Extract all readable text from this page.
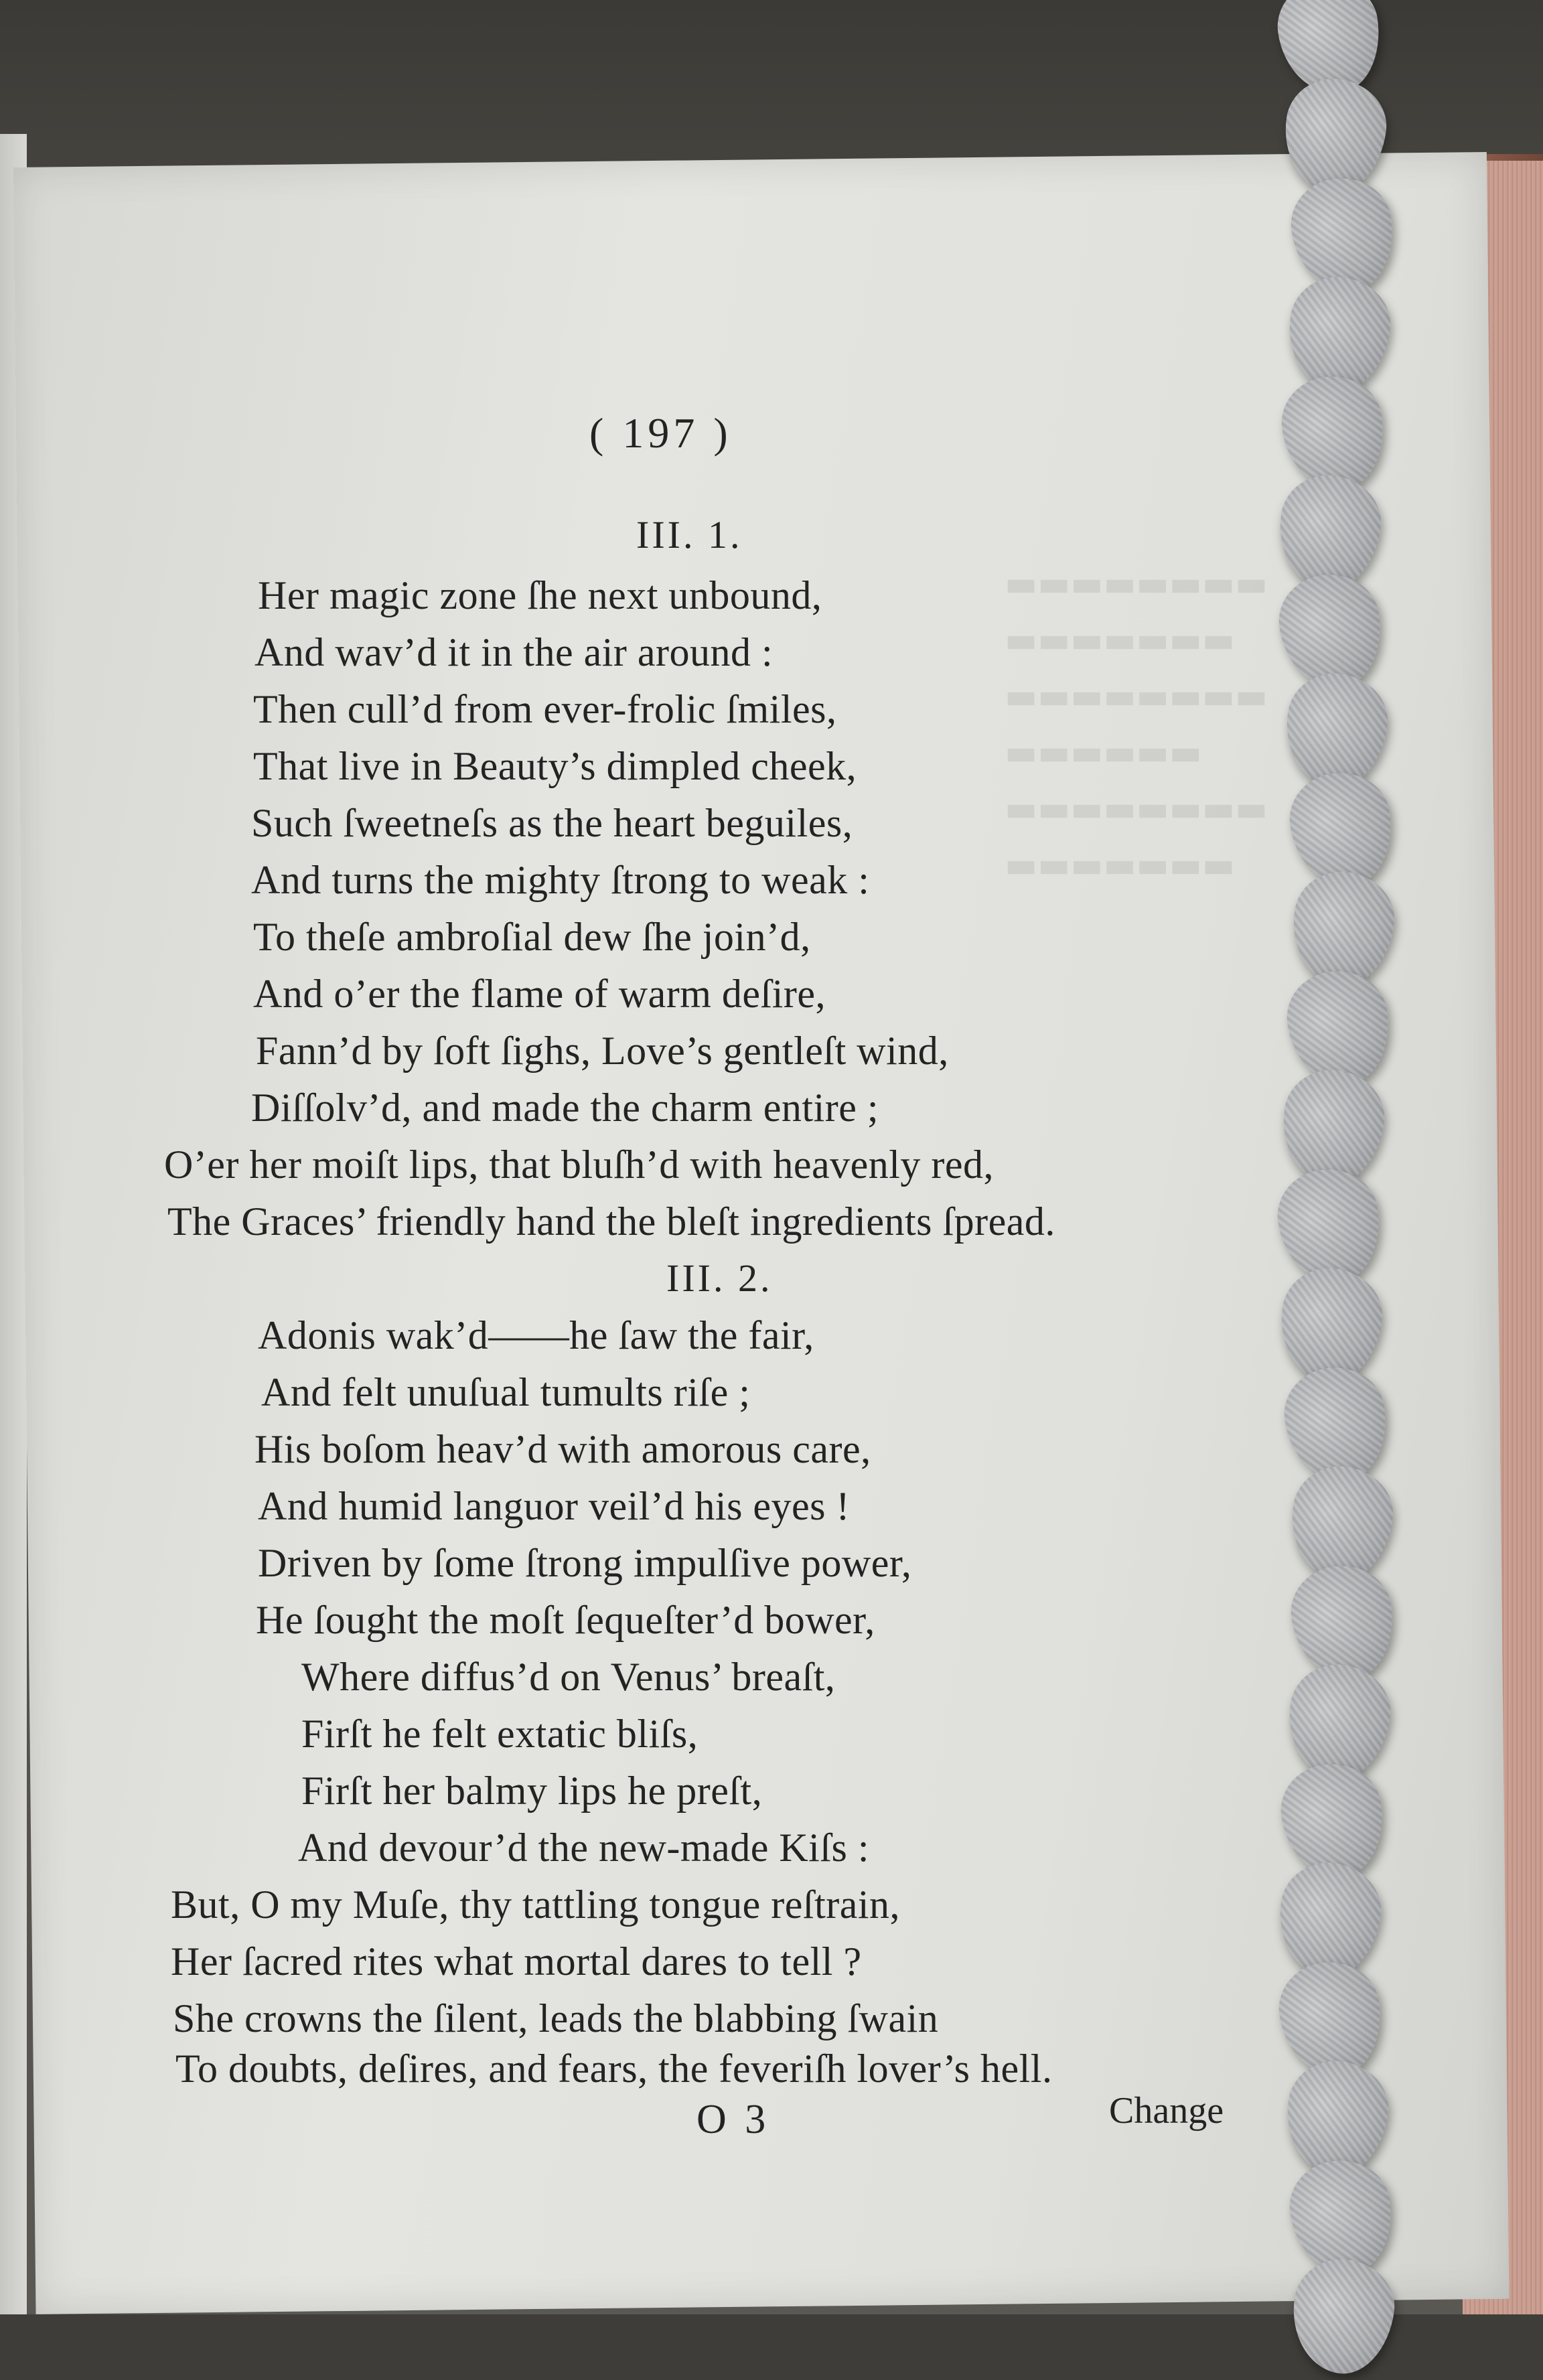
▬▬▬▬▬▬▬▬
▬▬▬▬▬▬▬
▬▬▬▬▬▬▬▬
▬▬▬▬▬▬
▬▬▬▬▬▬▬▬
▬▬▬▬▬▬▬
( 197 )
III. 1.
Her magic zone ſhe next unbound,
And wav’d it in the air around :
Then cull’d from ever-frolic ſmiles,
That live in Beauty’s dimpled cheek,
Such ſweetneſs as the heart beguiles,
And turns the mighty ſtrong to weak :
To theſe ambroſial dew ſhe join’d,
And o’er the flame of warm deſire,
Fann’d by ſoft ſighs, Love’s gentleſt wind,
Diſſolv’d, and made the charm entire ;
O’er her moiſt lips, that bluſh’d with heavenly red,
The Graces’ friendly hand the bleſt ingredients ſpread.
III. 2.
Adonis wak’d——he ſaw the fair,
And felt unuſual tumults riſe ;
His boſom heav’d with amorous care,
And humid languor veil’d his eyes !
Driven by ſome ſtrong impulſive power,
He ſought the moſt ſequeſter’d bower,
Where diffus’d on Venus’ breaſt,
Firſt he felt extatic bliſs,
Firſt her balmy lips he preſt,
And devour’d the new-made Kiſs :
But, O my Muſe, thy tattling tongue reſtrain,
Her ſacred rites what mortal dares to tell ?
She crowns the ſilent, leads the blabbing ſwain
To doubts, deſires, and fears, the feveriſh lover’s hell.
O 3	Change
